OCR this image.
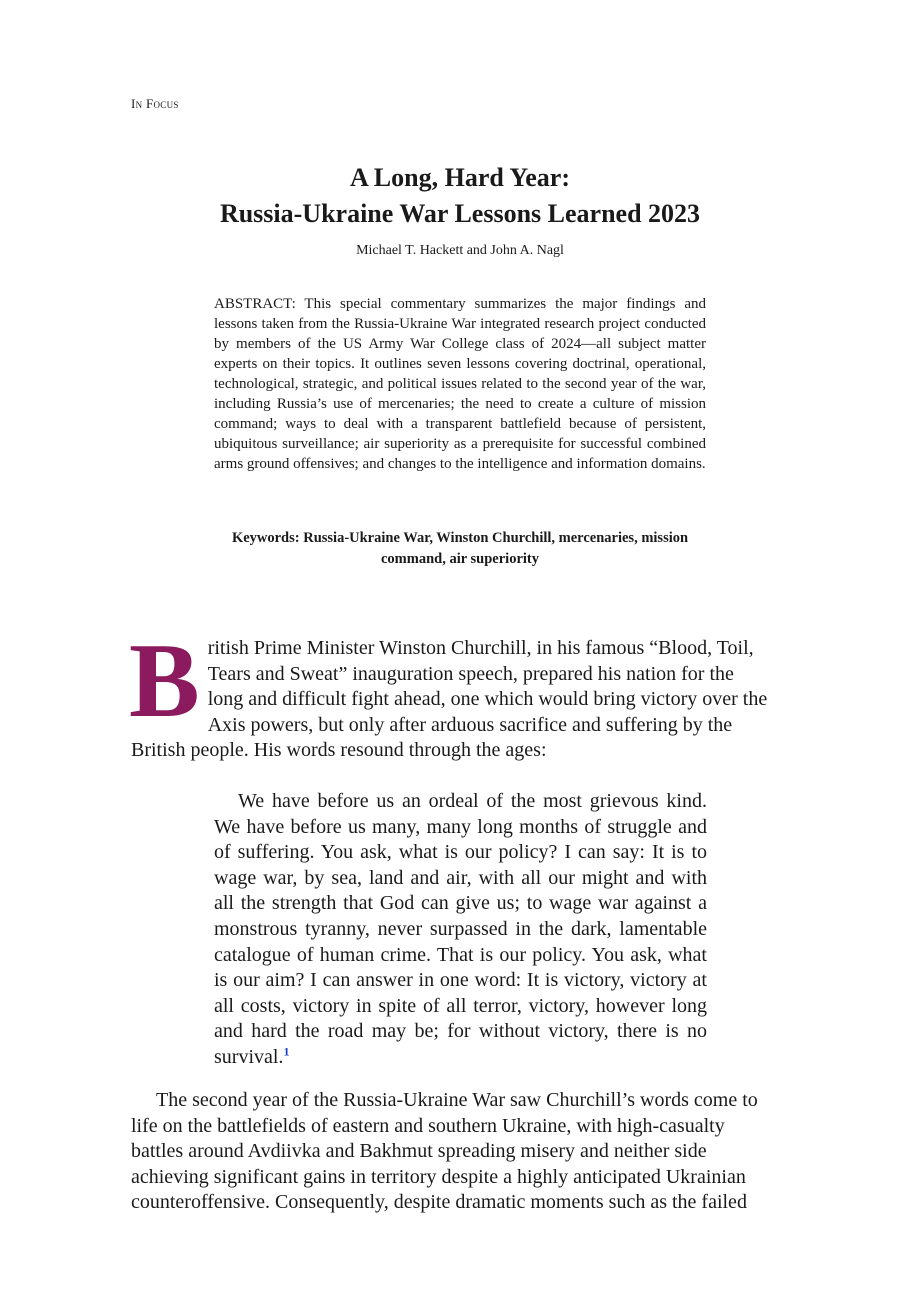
In Focus
A Long, Hard Year:
Russia-Ukraine War Lessons Learned 2023
Michael T. Hackett and John A. Nagl

ABSTRACT: This special commentary summarizes the major findings and lessons taken from the Russia-Ukraine War integrated research project conducted by members of the US Army War College class of 2024—all subject matter experts on their topics. It outlines seven lessons covering doctrinal, operational, technological, strategic, and political issues related to the second year of the war, including Russia’s use of mercenaries; the need to create a culture of mission command; ways to deal with a transparent battlefield because of persistent, ubiquitous surveillance; air superiority as a prerequisite for successful combined arms ground offensives; and changes to the intelligence and information domains.

Keywords: Russia-Ukraine War, Winston Churchill, mercenaries, mission command, air superiority

British Prime Minister Winston Churchill, in his famous “Blood, Toil, Tears and Sweat” inauguration speech, prepared his nation for the long and difficult fight ahead, one which would bring victory over the Axis powers, but only after arduous sacrifice and suffering by the British people. His words resound through the ages:

We have before us an ordeal of the most grievous kind. We have before us many, many long months of struggle and of suffering. You ask, what is our policy? I can say: It is to wage war, by sea, land and air, with all our might and with all the strength that God can give us; to wage war against a monstrous tyranny, never surpassed in the dark, lamentable catalogue of human crime. That is our policy. You ask, what is our aim? I can answer in one word: It is victory, victory at all costs, victory in spite of all terror, victory, however long and hard the road may be; for without victory, there is no survival.$^1$

The second year of the Russia-Ukraine War saw Churchill’s words come to life on the battlefields of eastern and southern Ukraine, with high-casualty battles around Avdiivka and Bakhmut spreading misery and neither side achieving significant gains in territory despite a highly anticipated Ukrainian counteroffensive. Consequently, despite dramatic moments such as the failed
